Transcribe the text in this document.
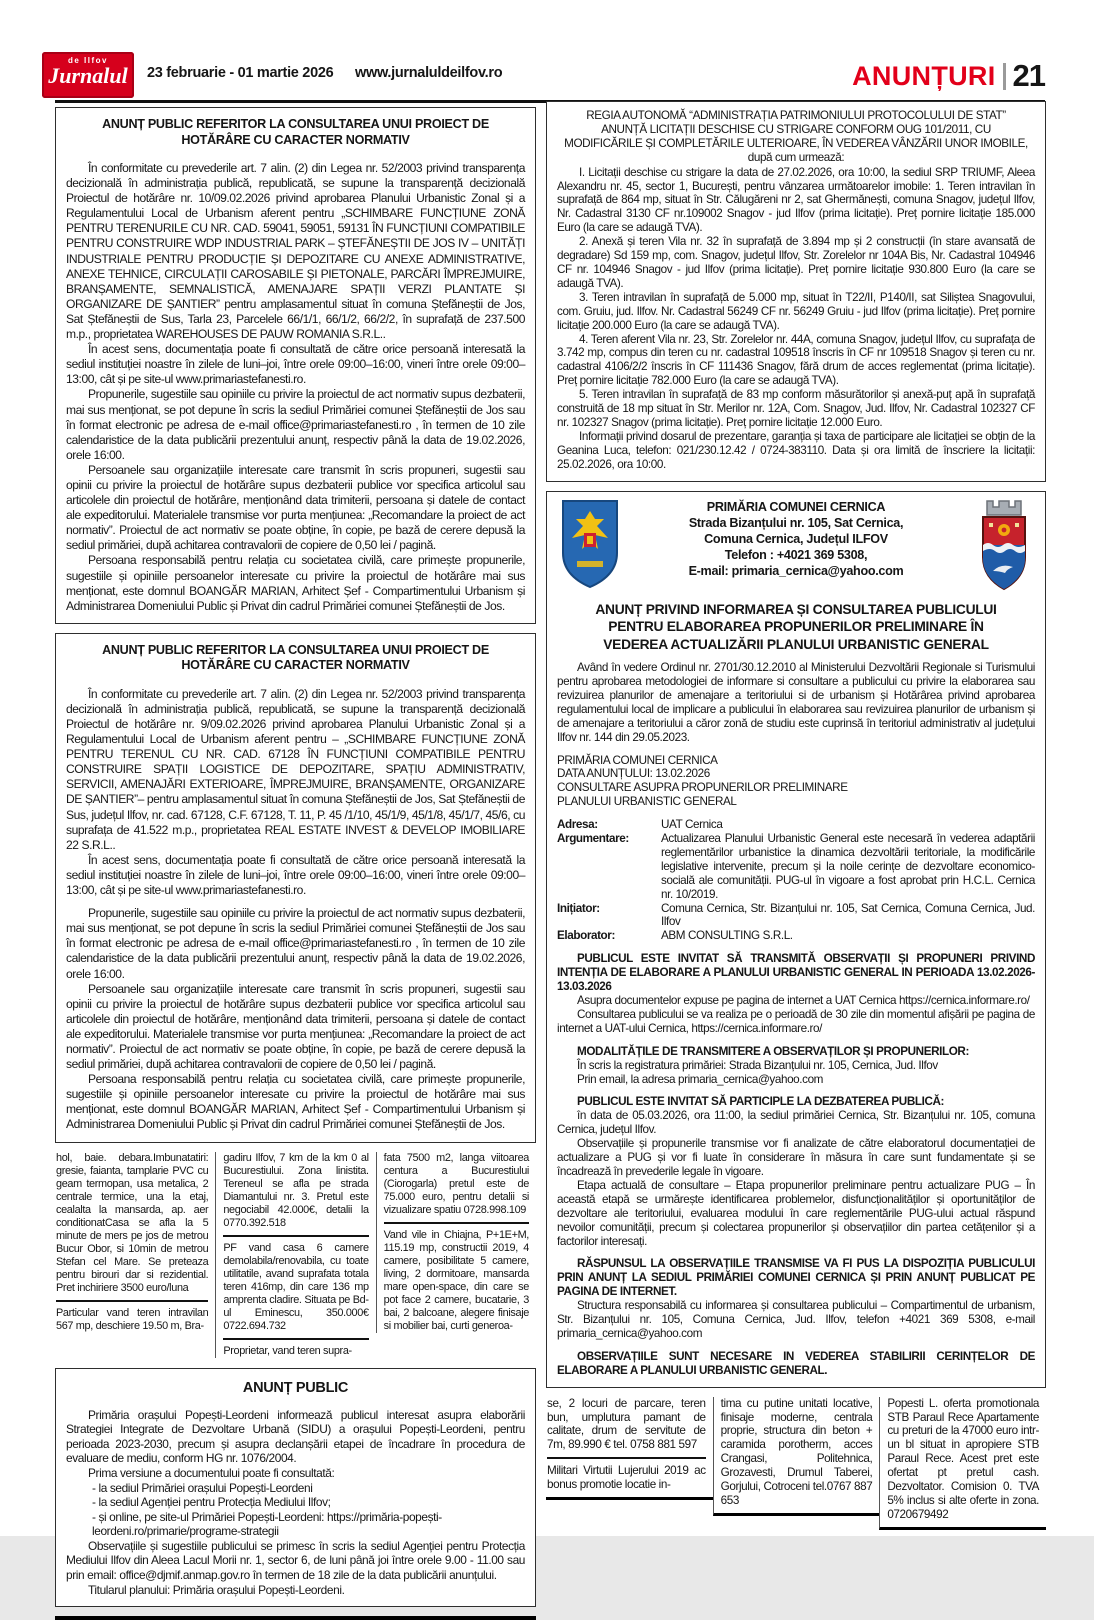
de Ilfov
Jurnalul	23 februarie - 01 martie 2026 www.jurnaluldeilfov.ro	ANUNȚURI 21
ANUNȚ PUBLIC REFERITOR LA CONSULTAREA UNUI PROIECT DE HOTĂRÂRE CU CARACTER NORMATIV

În conformitate cu prevederile art. 7 alin. (2) din Legea nr. 52/2003 privind transparența decizională în administrația publică, republicată, se supune la transparență decizională Proiectul de hotărâre nr. 10/09.02.2026 privind aprobarea Planului Urbanistic Zonal și a Regulamentului Local de Urbanism aferent pentru „SCHIMBARE FUNCȚIUNE ZONĂ PENTRU TERENURILE CU NR. CAD. 59041, 59051, 59131 ÎN FUNCȚIUNI COMPATIBILE PENTRU CONSTRUIRE WDP INDUSTRIAL PARK – ȘTEFĂNEȘTII DE JOS IV – UNITĂȚI INDUSTRIALE PENTRU PRODUCȚIE ȘI DEPOZITARE CU ANEXE ADMINISTRATIVE, ANEXE TEHNICE, CIRCULAȚII CAROSABILE ȘI PIETONALE, PARCĂRI ÎMPREJMUIRE, BRANȘAMENTE, SEMNALISTICĂ, AMENAJARE SPAȚII VERZI PLANTATE ȘI ORGANIZARE DE ȘANTIER” pentru amplasamentul situat în comuna Ștefăneștii de Jos, Sat Ștefăneștii de Sus, Tarla 23, Parcelele 66/1/1, 66/1/2, 66/2/2, în suprafață de 237.500 m.p., proprietatea WAREHOUSES DE PAUW ROMANIA S.R.L..

În acest sens, documentația poate fi consultată de către orice persoană interesată la sediul instituției noastre în zilele de luni–joi, între orele 09:00–16:00, vineri între orele 09:00–13:00, cât și pe site-ul www.primariastefanesti.ro.

Propunerile, sugestiile sau opiniile cu privire la proiectul de act normativ supus dezbaterii, mai sus menționat, se pot depune în scris la sediul Primăriei comunei Ștefăneștii de Jos sau în format electronic pe adresa de e-mail office@primariastefanesti.ro , în termen de 10 zile calendaristice de la data publicării prezentului anunț, respectiv până la data de 19.02.2026, orele 16:00.

Persoanele sau organizațiile interesate care transmit în scris propuneri, sugestii sau opinii cu privire la proiectul de hotărâre supus dezbaterii publice vor specifica articolul sau articolele din proiectul de hotărâre, menționând data trimiterii, persoana și datele de contact ale expeditorului. Materialele transmise vor purta mențiunea: „Recomandare la proiect de act normativ”. Proiectul de act normativ se poate obține, în copie, pe bază de cerere depusă la sediul primăriei, după achitarea contravalorii de copiere de 0,50 lei / pagină.

Persoana responsabilă pentru relația cu societatea civilă, care primește propunerile, sugestiile și opiniile persoanelor interesate cu privire la proiectul de hotărâre mai sus menționat, este domnul BOANGĂR MARIAN, Arhitect Șef - Compartimentului Urbanism și Administrarea Domeniului Public și Privat din cadrul Primăriei comunei Ștefăneștii de Jos.

ANUNȚ PUBLIC REFERITOR LA CONSULTAREA UNUI PROIECT DE HOTĂRÂRE CU CARACTER NORMATIV

În conformitate cu prevederile art. 7 alin. (2) din Legea nr. 52/2003 privind transparența decizională în administrația publică, republicată, se supune la transparență decizională Proiectul de hotărâre nr. 9/09.02.2026 privind aprobarea Planului Urbanistic Zonal și a Regulamentului Local de Urbanism aferent pentru – „SCHIMBARE FUNCȚIUNE ZONĂ PENTRU TERENUL CU NR. CAD. 67128 ÎN FUNCȚIUNI COMPATIBILE PENTRU CONSTRUIRE SPAȚII LOGISTICE DE DEPOZITARE, SPAȚIU ADMINISTRATIV, SERVICII, AMENAJĂRI EXTERIOARE, ÎMPREJMUIRE, BRANȘAMENTE, ORGANIZARE DE ȘANTIER”– pentru amplasamentul situat în comuna Ștefăneștii de Jos, Sat Ștefăneștii de Sus, județul Ilfov, nr. cad. 67128, C.F. 67128, T. 11, P. 45 /1/10, 45/1/9, 45/1/8, 45/1/7, 45/6, cu suprafața de 41.522 m.p., proprietatea REAL ESTATE INVEST & DEVELOP IMOBILIARE 22 S.R.L..

În acest sens, documentația poate fi consultată de către orice persoană interesată la sediul instituției noastre în zilele de luni–joi, între orele 09:00–16:00, vineri între orele 09:00–13:00, cât și pe site-ul www.primariastefanesti.ro.

Propunerile, sugestiile sau opiniile cu privire la proiectul de act normativ supus dezbaterii, mai sus menționat, se pot depune în scris la sediul Primăriei comunei Ștefăneștii de Jos sau în format electronic pe adresa de e-mail office@primariastefanesti.ro , în termen de 10 zile calendaristice de la data publicării prezentului anunț, respectiv până la data de 19.02.2026, orele 16:00.

Persoanele sau organizațiile interesate care transmit în scris propuneri, sugestii sau opinii cu privire la proiectul de hotărâre supus dezbaterii publice vor specifica articolul sau articolele din proiectul de hotărâre, menționând data trimiterii, persoana și datele de contact ale expeditorului. Materialele transmise vor purta mențiunea: „Recomandare la proiect de act normativ”. Proiectul de act normativ se poate obține, în copie, pe bază de cerere depusă la sediul primăriei, după achitarea contravalorii de copiere de 0,50 lei / pagină.

Persoana responsabilă pentru relația cu societatea civilă, care primește propunerile, sugestiile și opiniile persoanelor interesate cu privire la proiectul de hotărâre mai sus menționat, este domnul BOANGĂR MARIAN, Arhitect Șef - Compartimentului Urbanism și Administrarea Domeniului Public și Privat din cadrul Primăriei comunei Ștefăneștii de Jos.

hol, baie. debara.Imbunatatiri: gresie, faianta, tamplarie PVC cu geam termopan, usa metalica, 2 centrale termice, una la etaj, cealalta la mansarda, ap. aer conditionatCasa se afla la 5 minute de mers pe jos de metrou Bucur Obor, si 10min de metrou Stefan cel Mare. Se preteaza pentru birouri dar si rezidential. Pret inchiriere 3500 euro/luna

Particular vand teren intravilan 567 mp, deschiere 19.50 m, Bra-

gadiru Ilfov, 7 km de la km 0 al Bucurestiului. Zona linistita. Tereneul se afla pe strada Diamantului nr. 3. Pretul este negociabil 42.000€, detalii la 0770.392.518

PF vand casa 6 camere demolabila/renovabila, cu toate utilitatile, avand suprafata totala teren 416mp, din care 136 mp amprenta cladire. Situata pe Bd-ul Eminescu, 350.000€ 0722.694.732

Proprietar, vand teren supra-

fata 7500 m2, langa viitoarea centura a Bucurestiului (Ciorogarla) pretul este de 75.000 euro, pentru detalii si vizualizare spatiu 0728.998.109

Vand vile in Chiajna, P+1E+M, 115.19 mp, constructii 2019, 4 camere, posibilitate 5 camere, living, 2 dormitoare, mansarda mare open-space, din care se pot face 2 camere, bucatarie, 3 bai, 2 balcoane, alegere finisaje si mobilier bai, curti generoa-

ANUNȚ PUBLIC

Primăria orașului Popești-Leordeni informează publicul interesat asupra elaborării Strategiei Integrate de Dezvoltare Urbană (SIDU) a orașului Popești-Leordeni, pentru perioada 2023-2030, precum și asupra declanșării etapei de încadrare în procedura de evaluare de mediu, conform HG nr. 1076/2004.

Prima versiune a documentului poate fi consultată:

- la sediul Primăriei orașului Popești-Leordeni

- la sediul Agenției pentru Protecția Mediului Ilfov;

- și online, pe site-ul Primăriei Popești-Leordeni: https://primăria-popești-leordeni.ro/primarie/programe-strategii

Observațiile și sugestiile publicului se primesc în scris la sediul Agenției pentru Protecția Mediului Ilfov din Aleea Lacul Morii nr. 1, sector 6, de luni până joi între orele 9.00 - 11.00 sau prin email: office@djmif.anmap.gov.ro în termen de 18 zile de la data publicării anunțului.

Titularul planului: Primăria orașului Popești-Leordeni.

REGIA AUTONOMĂ “ADMINISTRAȚIA PATRIMONIULUI PROTOCOLULUI DE STAT” ANUNȚĂ LICITAȚII DESCHISE CU STRIGARE CONFORM OUG 101/2011, CU MODIFICĂRILE ȘI COMPLETĂRILE ULTERIOARE, ÎN VEDEREA VÂNZĂRII UNOR IMOBILE, după cum urmează:

I. Licitații deschise cu strigare la data de 27.02.2026, ora 10:00, la sediul SRP TRIUMF, Aleea Alexandru nr. 45, sector 1, București, pentru vânzarea următoarelor imobile: 1. Teren intravilan în suprafață de 864 mp, situat în Str. Călugăreni nr 2, sat Ghermănești, comuna Snagov, județul Ilfov, Nr. Cadastral 3130 CF nr.109002 Snagov - jud Ilfov (prima licitație). Preț pornire licitație 185.000 Euro (la care se adaugă TVA).

2. Anexă și teren Vila nr. 32 în suprafață de 3.894 mp și 2 construcții (în stare avansată de degradare) Sd 159 mp, com. Snagov, județul Ilfov, Str. Zorelelor nr 104A Bis, Nr. Cadastral 104946 CF nr. 104946 Snagov - jud Ilfov (prima licitație). Preț pornire licitație 930.800 Euro (la care se adaugă TVA).

3. Teren intravilan în suprafață de 5.000 mp, situat în T22/II, P140/II, sat Siliștea Snagovului, com. Gruiu, jud. Ilfov. Nr. Cadastral 56249 CF nr. 56249 Gruiu - jud Ilfov (prima licitație). Preț pornire licitație 200.000 Euro (la care se adaugă TVA).

4. Teren aferent Vila nr. 23, Str. Zorelelor nr. 44A, comuna Snagov, județul Ilfov, cu suprafața de 3.742 mp, compus din teren cu nr. cadastral 109518 înscris în CF nr 109518 Snagov și teren cu nr. cadastral 4106/2/2 înscris în CF 111436 Snagov, fără drum de acces reglementat (prima licitație). Preț pornire licitație 782.000 Euro (la care se adaugă TVA).

5. Teren intravilan în suprafață de 83 mp conform măsurătorilor și anexă-puț apă în suprafață construită de 18 mp situat în Str. Merilor nr. 12A, Com. Snagov, Jud. Ilfov, Nr. Cadastral 102327 CF nr. 102327 Snagov (prima licitație). Preț pornire licitație 12.000 Euro.

Informații privind dosarul de prezentare, garanția și taxa de participare ale licitației se obțin de la Geanina Luca, telefon: 021/230.12.42 / 0724-383110. Data și ora limită de înscriere la licitații: 25.02.2026, ora 10:00.

PRIMĂRIA COMUNEI CERNICA
Strada Bizanțului nr. 105, Sat Cernica,
Comuna Cernica, Județul ILFOV
Telefon : +4021 369 5308,
E-mail: primaria_cernica@yahoo.com
ANUNȚ PRIVIND INFORMAREA ȘI CONSULTAREA PUBLICULUI PENTRU ELABORAREA PROPUNERILOR PRELIMINARE ÎN VEDEREA ACTUALIZĂRII PLANULUI URBANISTIC GENERAL

Având în vedere Ordinul nr. 2701/30.12.2010 al Ministerului Dezvoltării Regionale si Turismului pentru aprobarea metodologiei de informare si consultare a publicului cu privire la elaborarea sau revizuirea planurilor de amenajare a teritoriului si de urbanism și Hotărârea privind aprobarea regulamentului local de implicare a publicului în elaborarea sau revizuirea planurilor de urbanism și de amenajare a teritoriului a căror zonă de studiu este cuprinsă în teritoriul administrativ al județului Ilfov nr. 144 din 29.05.2023.

PRIMĂRIA COMUNEI CERNICA

DATA ANUNȚULUI: 13.02.2026

CONSULTARE ASUPRA PROPUNERILOR PRELIMINARE

PLANULUI URBANISTIC GENERAL

Adresa:	UAT Cernica
Argumentare:	Actualizarea Planului Urbanistic General este necesară în vederea adaptării reglementărilor urbanistice la dinamica dezvoltării teritoriale, la modificările legislative intervenite, precum și la noile cerințe de dezvoltare economico-socială ale comunității. PUG-ul în vigoare a fost aprobat prin H.C.L. Cernica nr. 10/2019.
Inițiator:	Comuna Cernica, Str. Bizanțului nr. 105, Sat Cernica, Comuna Cernica, Jud. Ilfov
Elaborator:	ABM CONSULTING S.R.L.

PUBLICUL ESTE INVITAT SĂ TRANSMITĂ OBSERVAȚII ȘI PROPUNERI PRIVIND INTENȚIA DE ELABORARE A PLANULUI URBANISTIC GENERAL IN PERIOADA 13.02.2026-13.03.2026

Asupra documentelor expuse pe pagina de internet a UAT Cernica https://cernica.informare.ro/

Consultarea publicului se va realiza pe o perioadă de 30 zile din momentul afișării pe pagina de internet a UAT-ului Cernica, https://cernica.informare.ro/

MODALITĂȚILE DE TRANSMITERE A OBSERVAȚILOR ȘI PROPUNERILOR:

În scris la registratura primăriei: Strada Bizanțului nr. 105, Cernica, Jud. Ilfov

Prin email, la adresa primaria_cernica@yahoo.com

PUBLICUL ESTE INVITAT SĂ PARTICIPLE LA DEZBATEREA PUBLICĂ:

în data de 05.03.2026, ora 11:00, la sediul primăriei Cernica, Str. Bizanțului nr. 105, comuna Cernica, județul Ilfov.

Observațiile și propunerile transmise vor fi analizate de către elaboratorul documentației de actualizare a PUG și vor fi luate în considerare în măsura în care sunt fundamentate și se încadrează în prevederile legale în vigoare.

Etapa actuală de consultare – Etapa propunerilor preliminare pentru actualizare PUG – În această etapă se urmărește identificarea problemelor, disfuncționalităților și oportunităților de dezvoltare ale teritoriului, evaluarea modului în care reglementările PUG-ului actual răspund nevoilor comunității, precum și colectarea propunerilor și observațiilor din partea cetățenilor și a factorilor interesați.

RĂSPUNSUL LA OBSERVAȚIILE TRANSMISE VA FI PUS LA DISPOZIȚIA PUBLICULUI PRIN ANUNȚ LA SEDIUL PRIMĂRIEI COMUNEI CERNICA ȘI PRIN ANUNȚ PUBLICAT PE PAGINA DE INTERNET.

Structura responsabilă cu informarea și consultarea publicului – Compartimentul de urbanism, Str. Bizanțului nr. 105, Comuna Cernica, Jud. Ilfov, telefon +4021 369 5308, e-mail primaria_cernica@yahoo.com

OBSERVAȚIILE SUNT NECESARE IN VEDEREA STABILIRII CERINȚELOR DE ELABORARE A PLANULUI URBANISTIC GENERAL.

se, 2 locuri de parcare, teren bun, umplutura pamant de calitate, drum de servitute de 7m, 89.990 € tel. 0758 881 597

Militari Virtutii Lujerului 2019 ac bonus promotie locatie in-

tima cu putine unitati locative, finisaje moderne, centrala proprie, structura din beton + caramida porotherm, acces Crangasi, Politehnica, Grozavesti, Drumul Taberei, Gorjului, Cotroceni tel.0767 887 653

Popesti L. oferta promotionala STB Paraul Rece Apartamente cu preturi de la 47000 euro intr-un bl situat in apropiere STB Paraul Rece. Acest pret este ofertat pt pretul cash. Dezvoltator. Comision 0. TVA 5% inclus si alte oferte in zona. 0720679492
